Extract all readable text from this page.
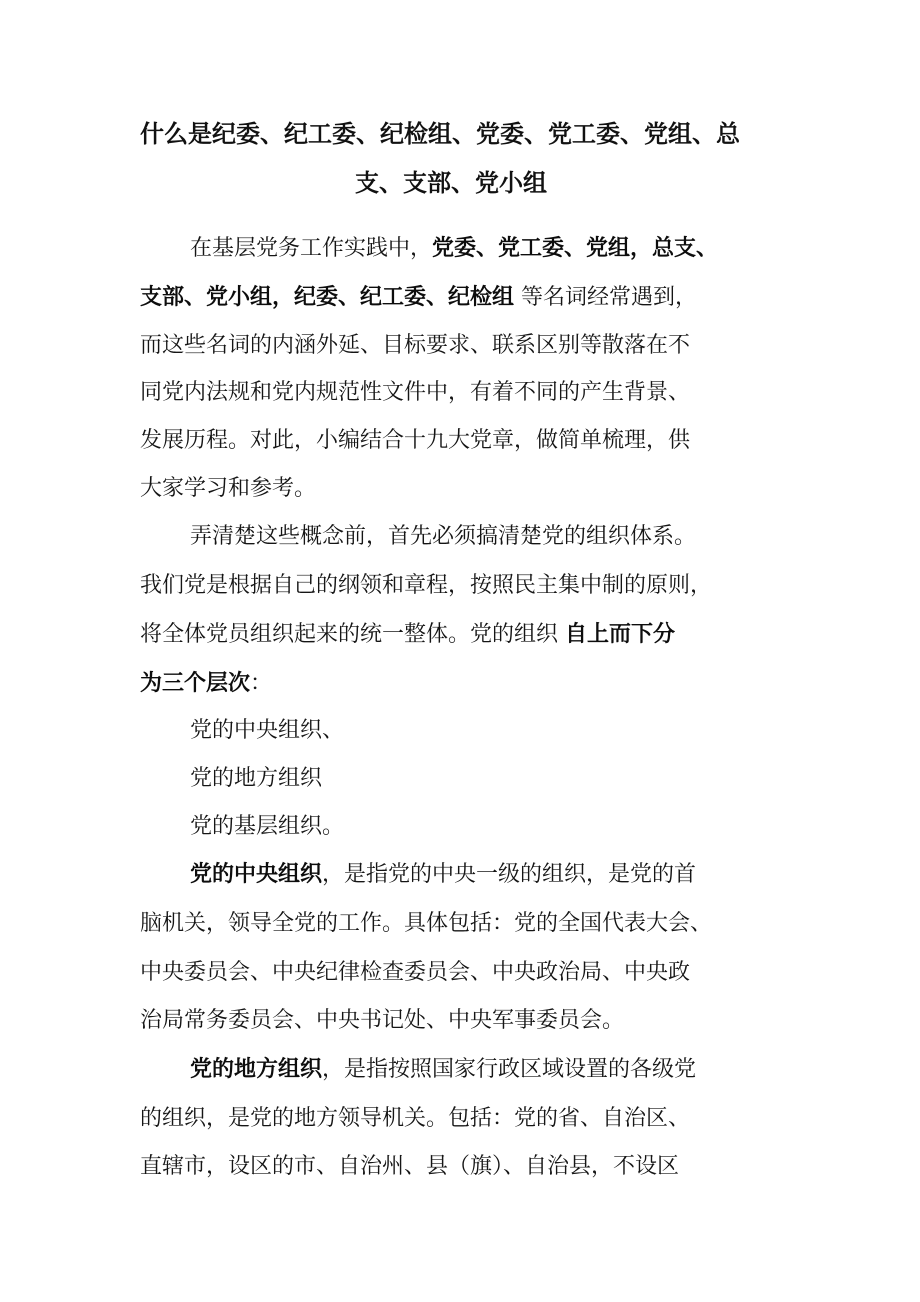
什么是纪委、纪工委、纪检组、党委、党工委、党组、总
支、支部、党小组
在基层党务工作实践中，党委、党工委、党组，总支、
支部、党小组，纪委、纪工委、纪检组 等名词经常遇到，
而这些名词的内涵外延、目标要求、联系区别等散落在不
同党内法规和党内规范性文件中，有着不同的产生背景、
发展历程。对此，小编结合十九大党章，做简单梳理，供
大家学习和参考。
弄清楚这些概念前，首先必须搞清楚党的组织体系。
我们党是根据自己的纲领和章程，按照民主集中制的原则，
将全体党员组织起来的统一整体。党的组织 自上而下分
为三个层次：
党的中央组织、
党的地方组织
党的基层组织。
党的中央组织，是指党的中央一级的组织，是党的首
脑机关，领导全党的工作。具体包括：党的全国代表大会、
中央委员会、中央纪律检查委员会、中央政治局、中央政
治局常务委员会、中央书记处、中央军事委员会。
党的地方组织，是指按照国家行政区域设置的各级党
的组织，是党的地方领导机关。包括：党的省、自治区、
直辖市，设区的市、自治州、县（旗）、自治县，不设区
